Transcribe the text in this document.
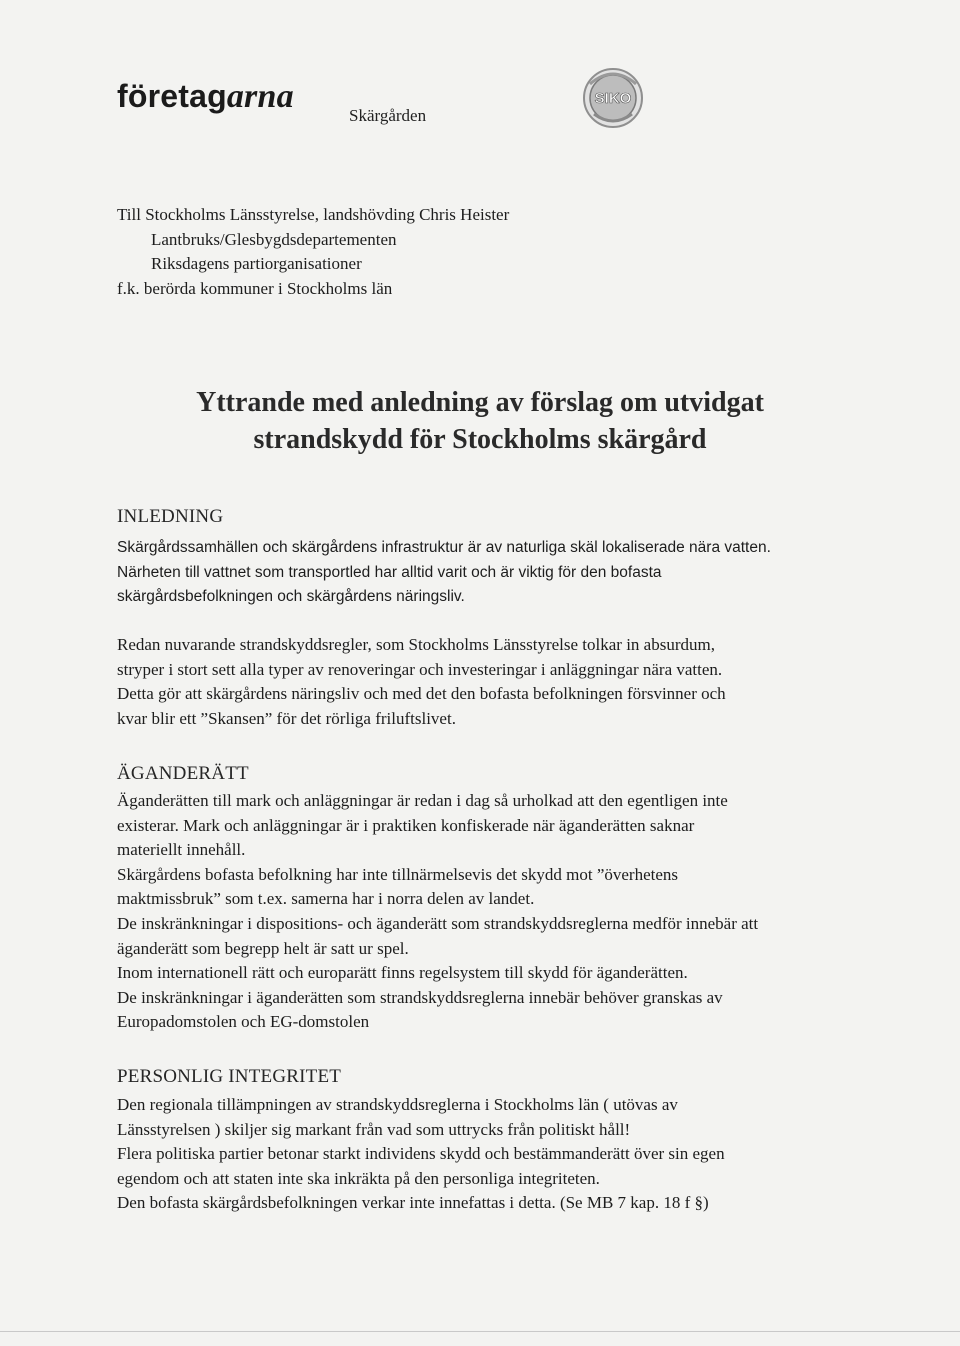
företagarna
Skärgården
SIKO
Till Stockholms Länsstyrelse, landshövding Chris Heister
Lantbruks/Glesbygdsdepartementen
Riksdagens partiorganisationer
f.k. berörda kommuner i Stockholms län
Yttrande med anledning av förslag om utvidgat
strandskydd för Stockholms skärgård
INLEDNING
Skärgårdssamhällen och skärgårdens infrastruktur är av naturliga skäl lokaliserade nära vatten.
Närheten till vattnet som transportled har alltid varit och är viktig för den bofasta
skärgårdsbefolkningen och skärgårdens näringsliv.
Redan nuvarande strandskyddsregler, som Stockholms Länsstyrelse tolkar in absurdum,
stryper i stort sett alla typer av renoveringar och investeringar i anläggningar nära vatten.
Detta gör att skärgårdens näringsliv och med det den bofasta befolkningen försvinner och
kvar blir ett ”Skansen” för det rörliga friluftslivet.
ÄGANDERÄTT
Äganderätten till mark och anläggningar är redan i dag så urholkad att den egentligen inte
existerar. Mark och anläggningar är i praktiken konfiskerade när äganderätten saknar
materiellt innehåll.
Skärgårdens bofasta befolkning har inte tillnärmelsevis det skydd mot ”överhetens
maktmissbruk” som t.ex. samerna har i norra delen av landet.
De inskränkningar i dispositions- och äganderätt som strandskyddsreglerna medför innebär att
äganderätt som begrepp helt är satt ur spel.
Inom internationell rätt och europarätt finns regelsystem till skydd för äganderätten.
De inskränkningar i äganderätten som strandskyddsreglerna innebär behöver granskas av
Europadomstolen och EG-domstolen
PERSONLIG INTEGRITET
Den regionala tillämpningen av strandskyddsreglerna i Stockholms län ( utövas av
Länsstyrelsen ) skiljer sig markant från vad som uttrycks från politiskt håll!
Flera politiska partier betonar starkt individens skydd och bestämmanderätt över sin egen
egendom och att staten inte ska inkräkta på den personliga integriteten.
Den bofasta skärgårdsbefolkningen verkar inte innefattas i detta. (Se MB 7 kap. 18 f §)
